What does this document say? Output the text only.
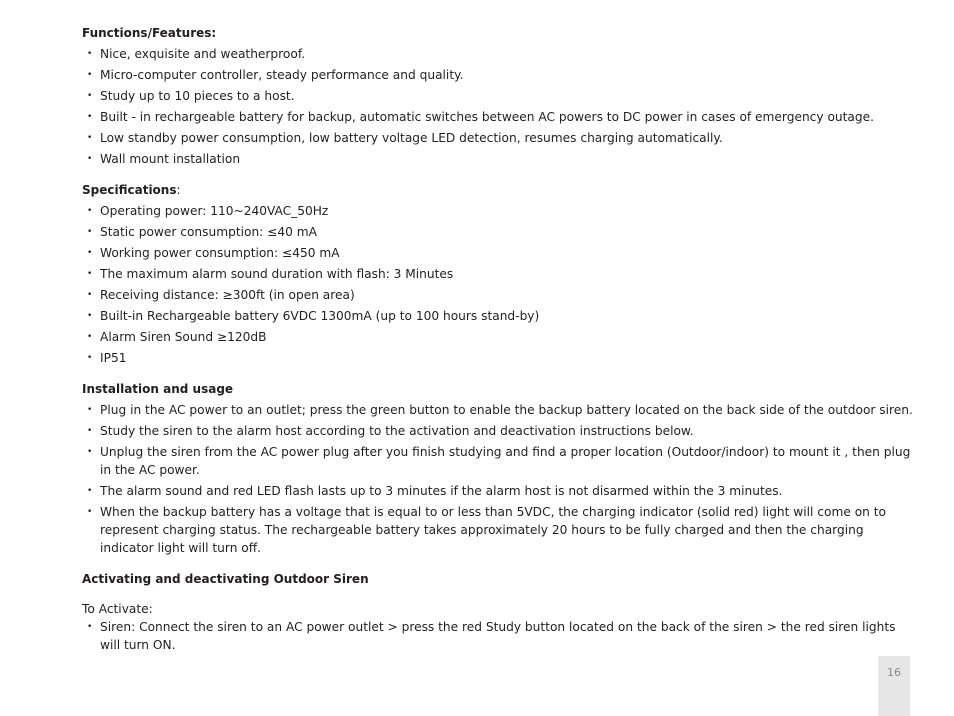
Functions/Features:

• Nice, exquisite and weatherproof.
• Micro-computer controller, steady performance and quality.
• Study up to 10 pieces to a host.
• Built - in rechargeable battery for backup, automatic switches between AC powers to DC power in cases of emergency outage.
• Low standby power consumption, low battery voltage LED detection, resumes charging automatically.
• Wall mount installation

Specifications:

• Operating power: 110~240VAC_50Hz
• Static power consumption: ≤40 mA
• Working power consumption: ≤450 mA
• The maximum alarm sound duration with flash: 3 Minutes
• Receiving distance: ≥300ft (in open area)
• Built-in Rechargeable battery 6VDC 1300mA (up to 100 hours stand-by)
• Alarm Siren Sound ≥120dB
• IP51

Installation and usage

• Plug in the AC power to an outlet; press the green button to enable the backup battery located on the back side of the outdoor siren.
• Study the siren to the alarm host according to the activation and deactivation instructions below.
• Unplug the siren from the AC power plug after you finish studying and find a proper location (Outdoor/indoor) to mount it , then plug in the AC power.
• The alarm sound and red LED flash lasts up to 3 minutes if the alarm host is not disarmed within the 3 minutes.
• When the backup battery has a voltage that is equal to or less than 5VDC, the charging indicator (solid red) light will come on to represent charging status. The rechargeable battery takes approximately 20 hours to be fully charged and then the charging indicator light will turn off.

Activating and deactivating Outdoor Siren

To Activate:

• Siren: Connect the siren to an AC power outlet > press the red Study button located on the back of the siren > the red siren lights will turn ON.
16
